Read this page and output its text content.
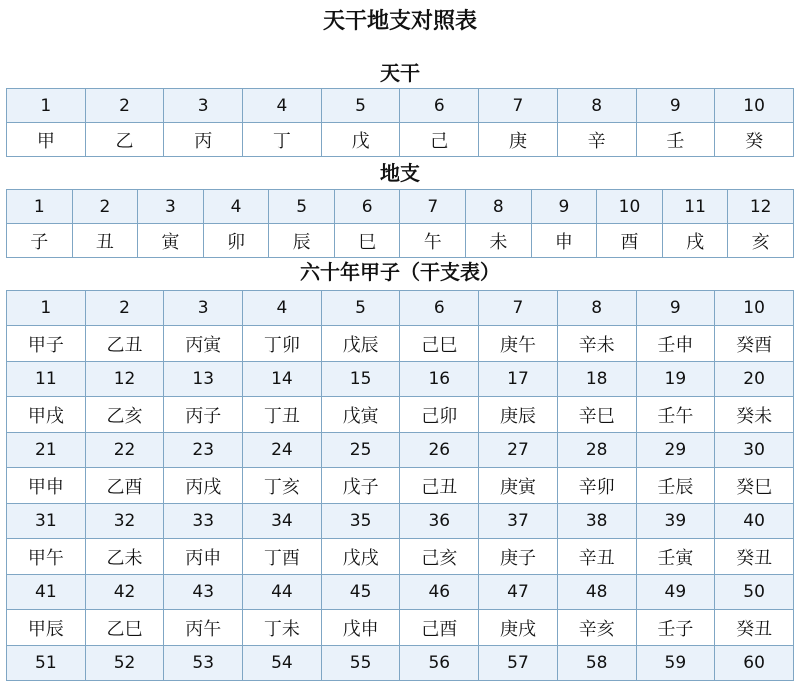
天干地支对照表
天干
1	2	3	4	5	6	7	8	9	10
甲	乙	丙	丁	戊	己	庚	辛	壬	癸
地支
1	2	3	4	5	6	7	8	9	10	11	12
子	丑	寅	卯	辰	巳	午	未	申	酉	戌	亥
六十年甲子（干支表）
1	2	3	4	5	6	7	8	9	10
甲子	乙丑	丙寅	丁卯	戊辰	己巳	庚午	辛未	壬申	癸酉
11	12	13	14	15	16	17	18	19	20
甲戌	乙亥	丙子	丁丑	戊寅	己卯	庚辰	辛巳	壬午	癸未
21	22	23	24	25	26	27	28	29	30
甲申	乙酉	丙戌	丁亥	戊子	己丑	庚寅	辛卯	壬辰	癸巳
31	32	33	34	35	36	37	38	39	40
甲午	乙未	丙申	丁酉	戊戌	己亥	庚子	辛丑	壬寅	癸丑
41	42	43	44	45	46	47	48	49	50
甲辰	乙巳	丙午	丁未	戊申	己酉	庚戌	辛亥	壬子	癸丑
51	52	53	54	55	56	57	58	59	60
